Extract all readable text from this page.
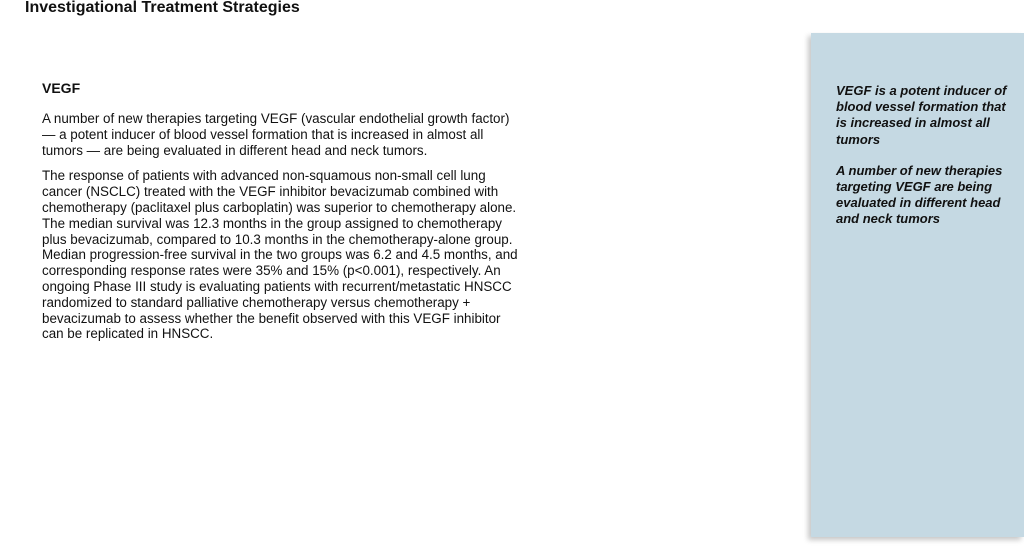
Investigational Treatment Strategies
VEGF

A number of new therapies targeting VEGF (vascular endothelial growth factor) — a potent inducer of blood vessel formation that is increased in almost all tumors — are being evaluated in different head and neck tumors.

The response of patients with advanced non-squamous non-small cell lung cancer (NSCLC) treated with the VEGF inhibitor bevacizumab combined with chemotherapy (paclitaxel plus carboplatin) was superior to chemotherapy alone. The median survival was 12.3 months in the group assigned to chemotherapy plus bevacizumab, compared to 10.3 months in the chemotherapy-alone group. Median progression-free survival in the two groups was 6.2 and 4.5 months, and corresponding response rates were 35% and 15% (p<0.001), respectively. An ongoing Phase III study is evaluating patients with recurrent/metastatic HNSCC randomized to standard palliative chemotherapy versus chemotherapy + bevacizumab to assess whether the benefit observed with this VEGF inhibitor can be replicated in HNSCC.

VEGF is a potent inducer of blood vessel formation that is increased in almost all tumors

A number of new therapies targeting VEGF are being evaluated in different head and neck tumors
